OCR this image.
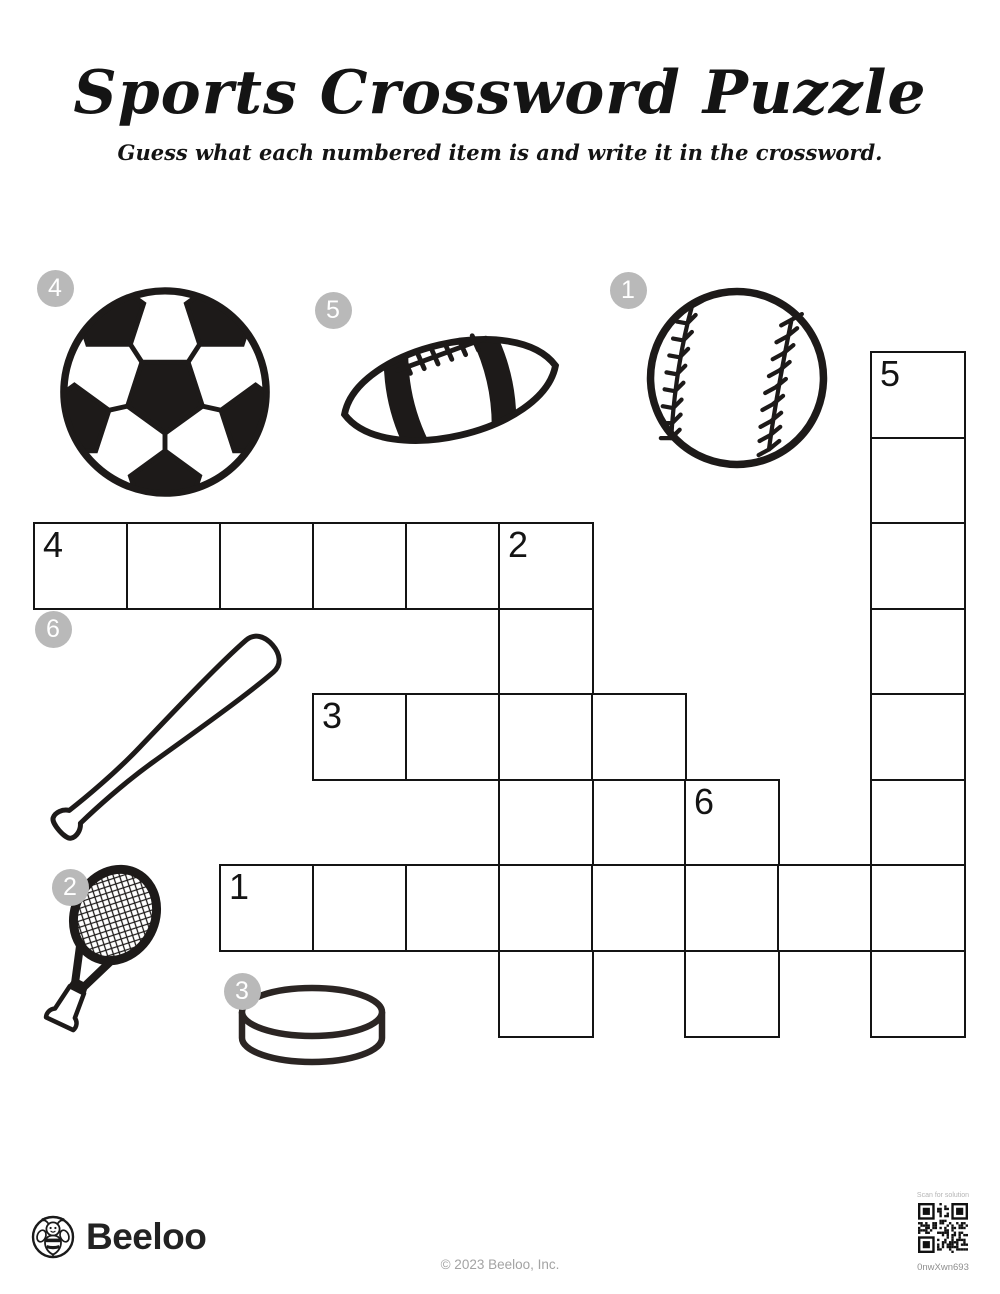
Sports Crossword Puzzle
Guess what each numbered item is and write it in the crossword.
5
4	2
3
6
1
4
5
1
6
2
3
Beeloo
© 2023 Beeloo, Inc.
Scan for solution
0nwXwn693
